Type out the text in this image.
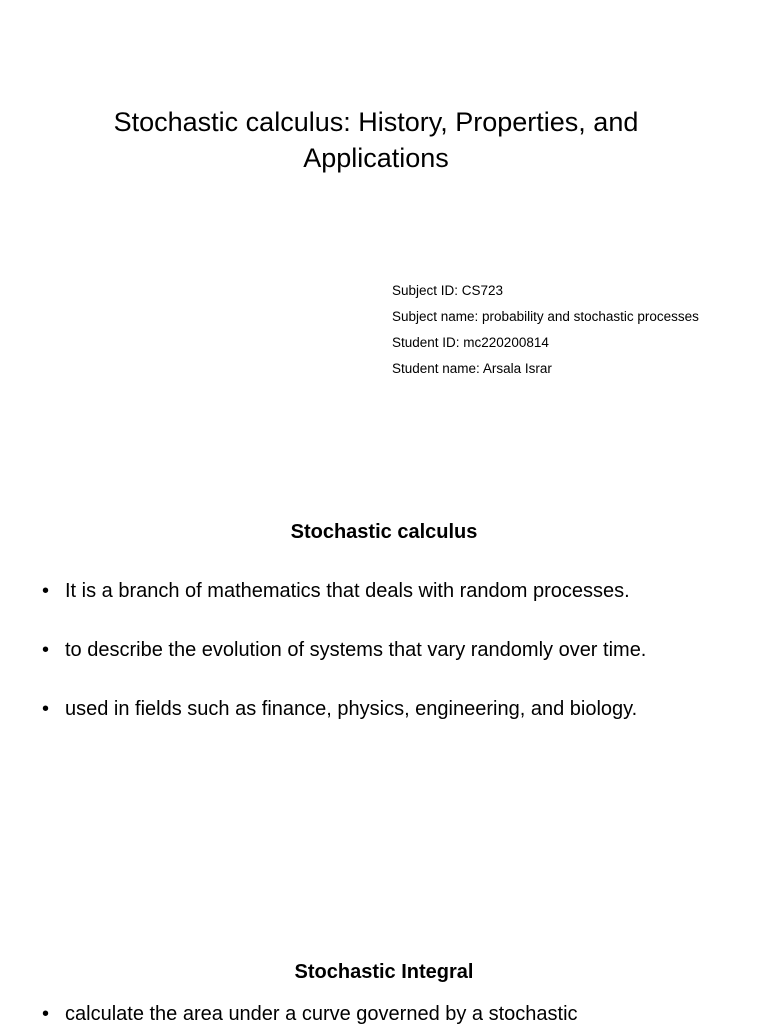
Stochastic calculus: History, Properties, and Applications
Subject ID: CS723
Subject name: probability and stochastic processes
Student ID: mc220200814
Student name: Arsala Israr
Stochastic calculus
• It is a branch of mathematics that deals with random processes.
• to describe the evolution of systems that vary randomly over time.
• used in fields such as finance, physics, engineering, and biology.
Stochastic Integral
• calculate the area under a curve governed by a stochastic
